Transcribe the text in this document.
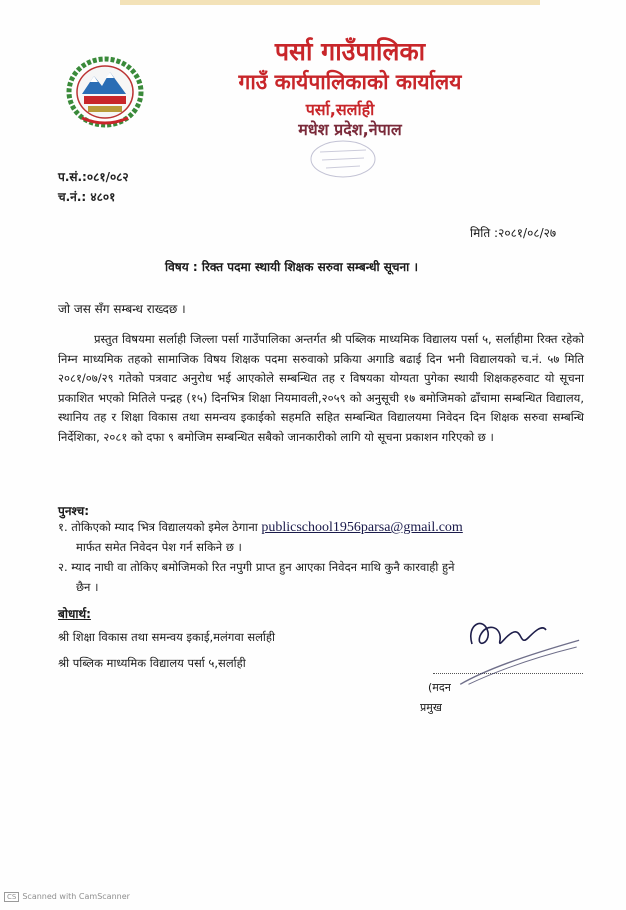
पर्सा गाउँपालिका
गाउँ कार्यपालिकाको कार्यालय
पर्सा,सर्लाही
मधेश प्रदेश,नेपाल
प.सं.:०८१/०८२
च.नं.: ४८०१
मिति :२०८१/०८/२७
विषय : रिक्त पदमा स्थायी शिक्षक सरुवा सम्बन्धी सूचना ।
जो जस सँग सम्बन्ध राख्दछ ।
प्रस्तुत विषयमा सर्लाही जिल्ला पर्सा गाउँपालिका अन्तर्गत श्री पब्लिक माध्यमिक विद्यालय पर्सा ५, सर्लाहीमा रिक्त रहेको निम्न माध्यमिक तहको सामाजिक विषय शिक्षक पदमा सरुवाको प्रकिया अगाडि बढाई दिन भनी विद्यालयको च.नं. ५७ मिति २०८१/०७/२९ गतेको पत्रवाट अनुरोध भई आएकोले सम्बन्धित तह र विषयका योग्यता पुगेका स्थायी शिक्षकहरुवाट यो सूचना प्रकाशित भएको मितिले पन्द्रह (१५) दिनभित्र शिक्षा नियमावली,२०५९ को अनुसूची १७ बमोजिमको ढाँचामा सम्बन्धित विद्यालय, स्थानिय तह र शिक्षा विकास तथा समन्वय इकाईको सहमति सहित सम्बन्धित विद्यालयमा निवेदन दिन शिक्षक सरुवा सम्बन्धि निर्देशिका, २०८१ को दफा ९ बमोजिम सम्बन्धित सबैको जानकारीको लागि यो सूचना प्रकाशन गरिएको छ ।
पुनश्च:
१. तोकिएको म्याद भित्र विद्यालयको इमेल ठेगाना publicschool1956parsa@gmail.com
मार्फत समेत निवेदन पेश गर्न सकिने छ ।
२. म्याद नाघी वा तोकिए बमोजिमको रित नपुगी प्राप्त हुन आएका निवेदन माथि कुनै कारवाही हुने
छैन ।
बोधार्थ:
श्री शिक्षा विकास तथा समन्वय इकाई,मलंगवा सर्लाही
श्री पब्लिक माध्यमिक विद्यालय पर्सा ५,सर्लाही
(मदन
प्रमुख
CS Scanned with CamScanner
